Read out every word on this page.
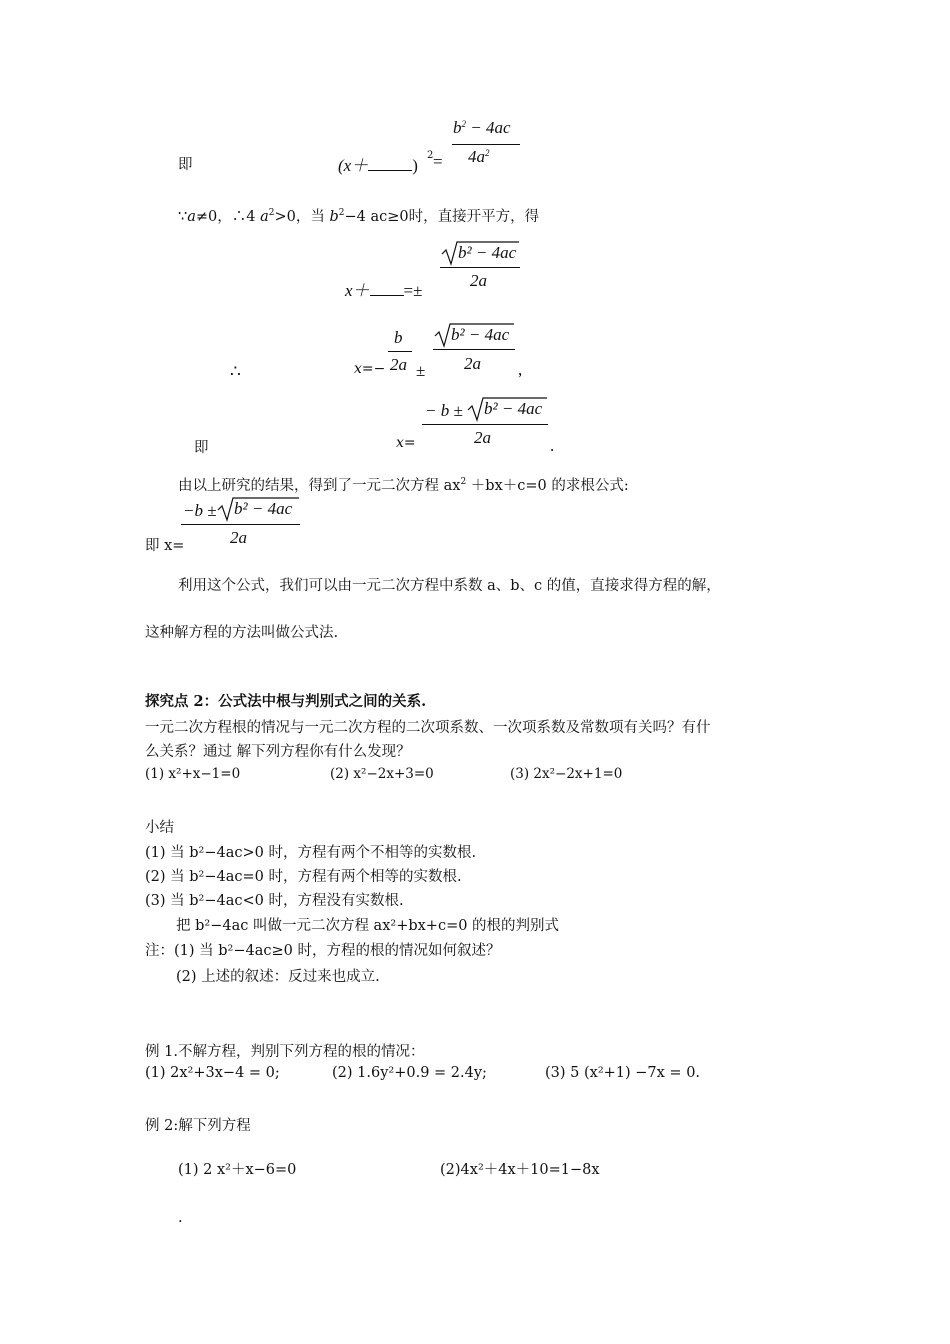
即	(x＋	)
2 =
$b^2 - 4ac$
$4a^2$
∵a≠0，∴4 $a^2>0$，当 $b^2-4$ ac≥0时，直接开平方，得
x＋ =±
b² − 4ac
2a
∴	x=−
b
2a ±
b² − 4ac
2a ,
即	x=
− b ± b² − 4ac
2a	.
由以上研究的结果，得到了一元二次方程 $ax^2 +bx+c=0$ 的求根公式:
即 x=
−b ± b² − 4ac
2a
利用这个公式，我们可以由一元二次方程中系数 a、b、c 的值，直接求得方程的解，
这种解方程的方法叫做公式法.
探究点 2：公式法中根与判别式之间的关系.
一元二次方程根的情况与一元二次方程的二次项系数、一次项系数及常数项有关吗？有什
么关系？通过 解下列方程你有什么发现？
(1) x²+x−1=0	(2) x²−2x+3=0	(3) 2x²−2x+1=0
小结
(1) 当 b²−4ac>0 时，方程有两个不相等的实数根.
(2) 当 b²−4ac=0 时，方程有两个相等的实数根.
(3) 当 b²−4ac<0 时，方程没有实数根.
把 b²−4ac 叫做一元二次方程 ax²+bx+c=0 的根的判别式
注：(1) 当 b²−4ac≥0 时，方程的根的情况如何叙述？
(2) 上述的叙述：反过来也成立.
例 1.不解方程，判别下列方程的根的情况：
(1) 2x²+3x−4 = 0;	(2) 1.6y²+0.9 = 2.4y;	(3) 5 (x²+1) −7x = 0.
例 2:解下列方程
(1) 2 x²＋x−6=0	(2)4x²＋4x＋10=1−8x
.
